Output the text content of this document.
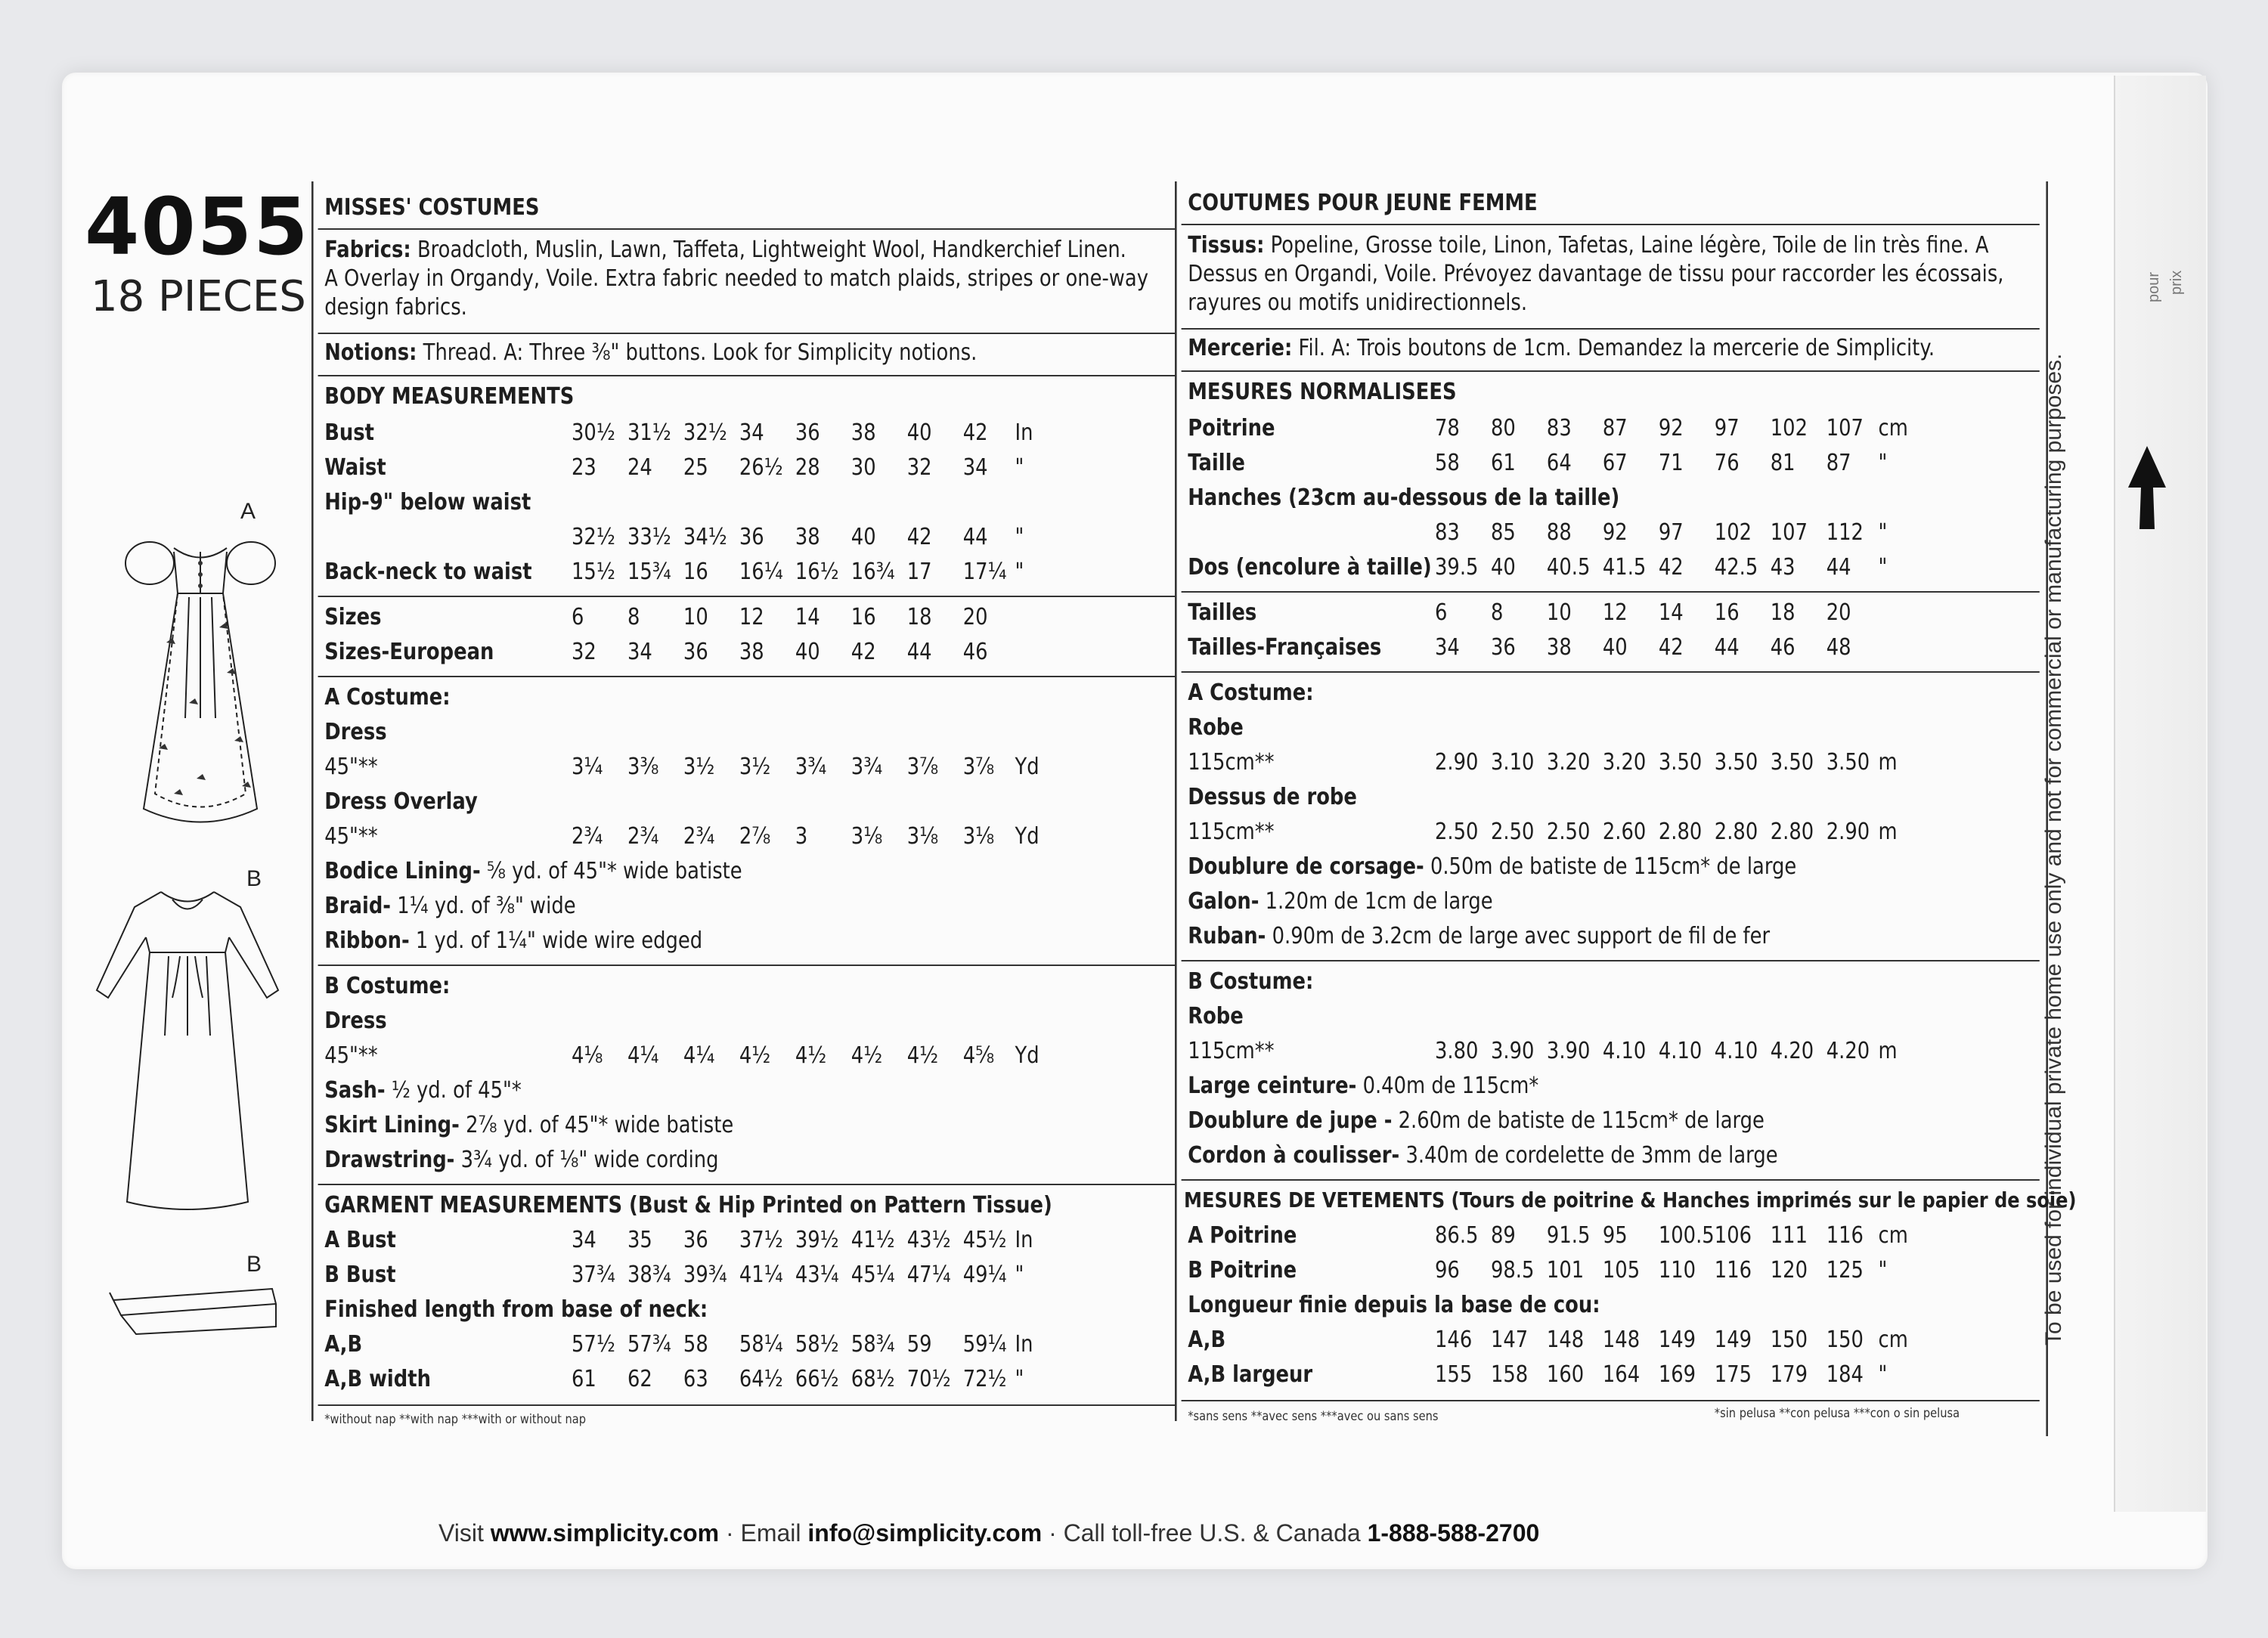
pour prix
4055
18 PIECES
A
B
B
MISSES' COSTUMES
Fabrics: Broadcloth, Muslin, Lawn, Taffeta, Lightweight Wool, Handkerchief Linen.
A Overlay in Organdy, Voile. Extra fabric needed to match plaids, stripes or one-way
design fabrics.
Notions: Thread. A: Three ⅜" buttons. Look for Simplicity notions.
BODY MEASUREMENTS
Bust	30½ 31½ 32½ 34 36 38 40 42 In
Waist	23 24 25 26½ 28 30 32 34 "
Hip-9" below waist
32½ 33½ 34½ 36 38 40 42 44 "
Back-neck to waist 15½ 15¾ 16 16¼ 16½ 16¾ 17 17¼ "
Sizes	6 8 10 12 14 16 18 20
Sizes-European	32 34 36 38 40 42 44 46
A Costume:
Dress
45"**	3¼ 3⅜ 3½ 3½ 3¾ 3¾ 3⅞ 3⅞ Yd
Dress Overlay
45"**	2¾ 2¾ 2¾ 2⅞ 3 3⅛ 3⅛ 3⅛ Yd
Bodice Lining- ⅝ yd. of 45"* wide batiste
Braid- 1¼ yd. of ⅜" wide
Ribbon- 1 yd. of 1¼" wide wire edged
B Costume:
Dress
45"**	4⅛ 4¼ 4¼ 4½ 4½ 4½ 4½ 4⅝ Yd
Sash- ½ yd. of 45"*
Skirt Lining- 2⅞ yd. of 45"* wide batiste
Drawstring- 3¾ yd. of ⅛" wide cording
GARMENT MEASUREMENTS (Bust & Hip Printed on Pattern Tissue)
A Bust	34 35 36 37½ 39½ 41½ 43½ 45½ In
B Bust	37¾ 38¾ 39¾ 41¼ 43¼ 45¼ 47¼ 49¼ "
Finished length from base of neck:
A,B	57½ 57¾ 58 58¼ 58½ 58¾ 59 59¼ In
A,B width	61 62 63 64½ 66½ 68½ 70½ 72½ "
*without nap **with nap ***with or without nap
COUTUMES POUR JEUNE FEMME
Tissus: Popeline, Grosse toile, Linon, Tafetas, Laine légère, Toile de lin très fine. A
Dessus en Organdi, Voile. Prévoyez davantage de tissu pour raccorder les écossais,
rayures ou motifs unidirectionnels.
Mercerie: Fil. A: Trois boutons de 1cm. Demandez la mercerie de Simplicity.
MESURES NORMALISEES
Poitrine	78 80 83 87 92 97 102 107 cm
Taille	58 61 64 67 71 76 81 87 "
Hanches (23cm au-dessous de la taille)
83 85 88 92 97 102 107 112 "
Dos (encolure à taille) 39.5 40 40.5 41.5 42 42.5 43 44 "
Tailles	6 8 10 12 14 16 18 20
Tailles-Françaises 34 36 38 40 42 44 46 48
A Costume:
Robe
115cm**	2.90 3.10 3.20 3.20 3.50 3.50 3.50 3.50 m
Dessus de robe
115cm**	2.50 2.50 2.50 2.60 2.80 2.80 2.80 2.90 m
Doublure de corsage- 0.50m de batiste de 115cm* de large
Galon- 1.20m de 1cm de large
Ruban- 0.90m de 3.2cm de large avec support de fil de fer
B Costume:
Robe
115cm**	3.80 3.90 3.90 4.10 4.10 4.10 4.20 4.20 m
Large ceinture- 0.40m de 115cm*
Doublure de jupe - 2.60m de batiste de 115cm* de large
Cordon à coulisser- 3.40m de cordelette de 3mm de large
MESURES DE VETEMENTS (Tours de poitrine & Hanches imprimés sur le papier de soie)
A Poitrine	86.5 89 91.5 95 100.5 106 111 116 cm
B Poitrine	96 98.5 101 105 110 116 120 125 "
Longueur finie depuis la base de cou:
A,B	146 147 148 148 149 149 150 150 cm
A,B largeur	155 158 160 164 169 175 179 184 "
*sans sens **avec sens ***avec ou sans sens	*sin pelusa **con pelusa ***con o sin pelusa
To be used for individual private home use only and not for commercial or manufacturing purposes.
Visit www.simplicity.com · Email info@simplicity.com · Call toll-free U.S. & Canada 1-888-588-2700
